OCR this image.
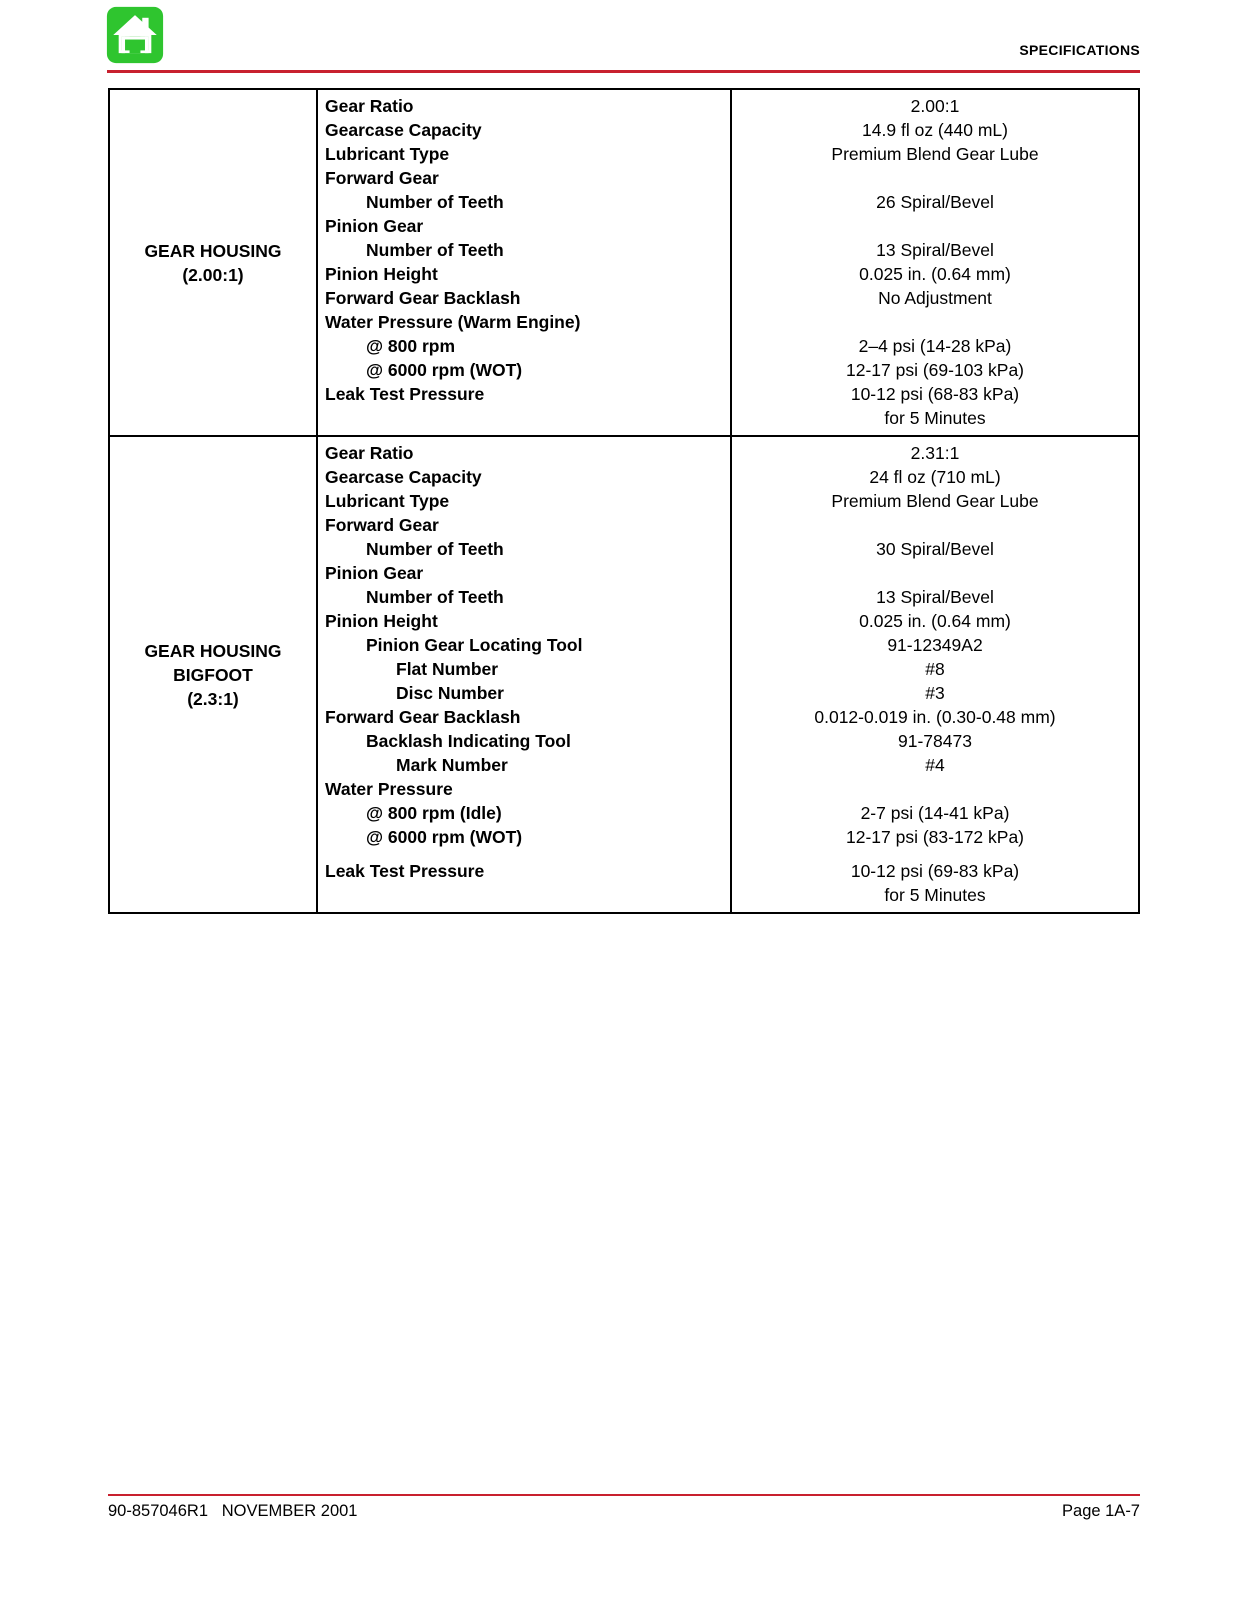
SPECIFICATIONS
GEAR HOUSING
(2.00:1)
Gear Ratio	2.00:1
Gearcase Capacity	14.9 fl oz (440 mL)
Lubricant Type	Premium Blend Gear Lube
Forward Gear
Number of Teeth	26 Spiral/Bevel
Pinion Gear
Number of Teeth	13 Spiral/Bevel
Pinion Height	0.025 in. (0.64 mm)
Forward Gear Backlash	No Adjustment
Water Pressure (Warm Engine)
@ 800 rpm	2–4 psi (14-28 kPa)
@ 6000 rpm (WOT)	12-17 psi (69-103 kPa)
Leak Test Pressure	10-12 psi (68-83 kPa)
for 5 Minutes
GEAR HOUSING
BIGFOOT
(2.3:1)
Gear Ratio	2.31:1
Gearcase Capacity	24 fl oz (710 mL)
Lubricant Type	Premium Blend Gear Lube
Forward Gear
Number of Teeth	30 Spiral/Bevel
Pinion Gear
Number of Teeth	13 Spiral/Bevel
Pinion Height	0.025 in. (0.64 mm)
Pinion Gear Locating Tool	91-12349A2
Flat Number	#8
Disc Number	#3
Forward Gear Backlash	0.012-0.019 in. (0.30-0.48 mm)
Backlash Indicating Tool	91-78473
Mark Number	#4
Water Pressure
@ 800 rpm (Idle)	2-7 psi (14-41 kPa)
@ 6000 rpm (WOT)	12-17 psi (83-172 kPa)
Leak Test Pressure	10-12 psi (69-83 kPa)
for 5 Minutes
90-857046R1   NOVEMBER 2001	Page 1A-7
